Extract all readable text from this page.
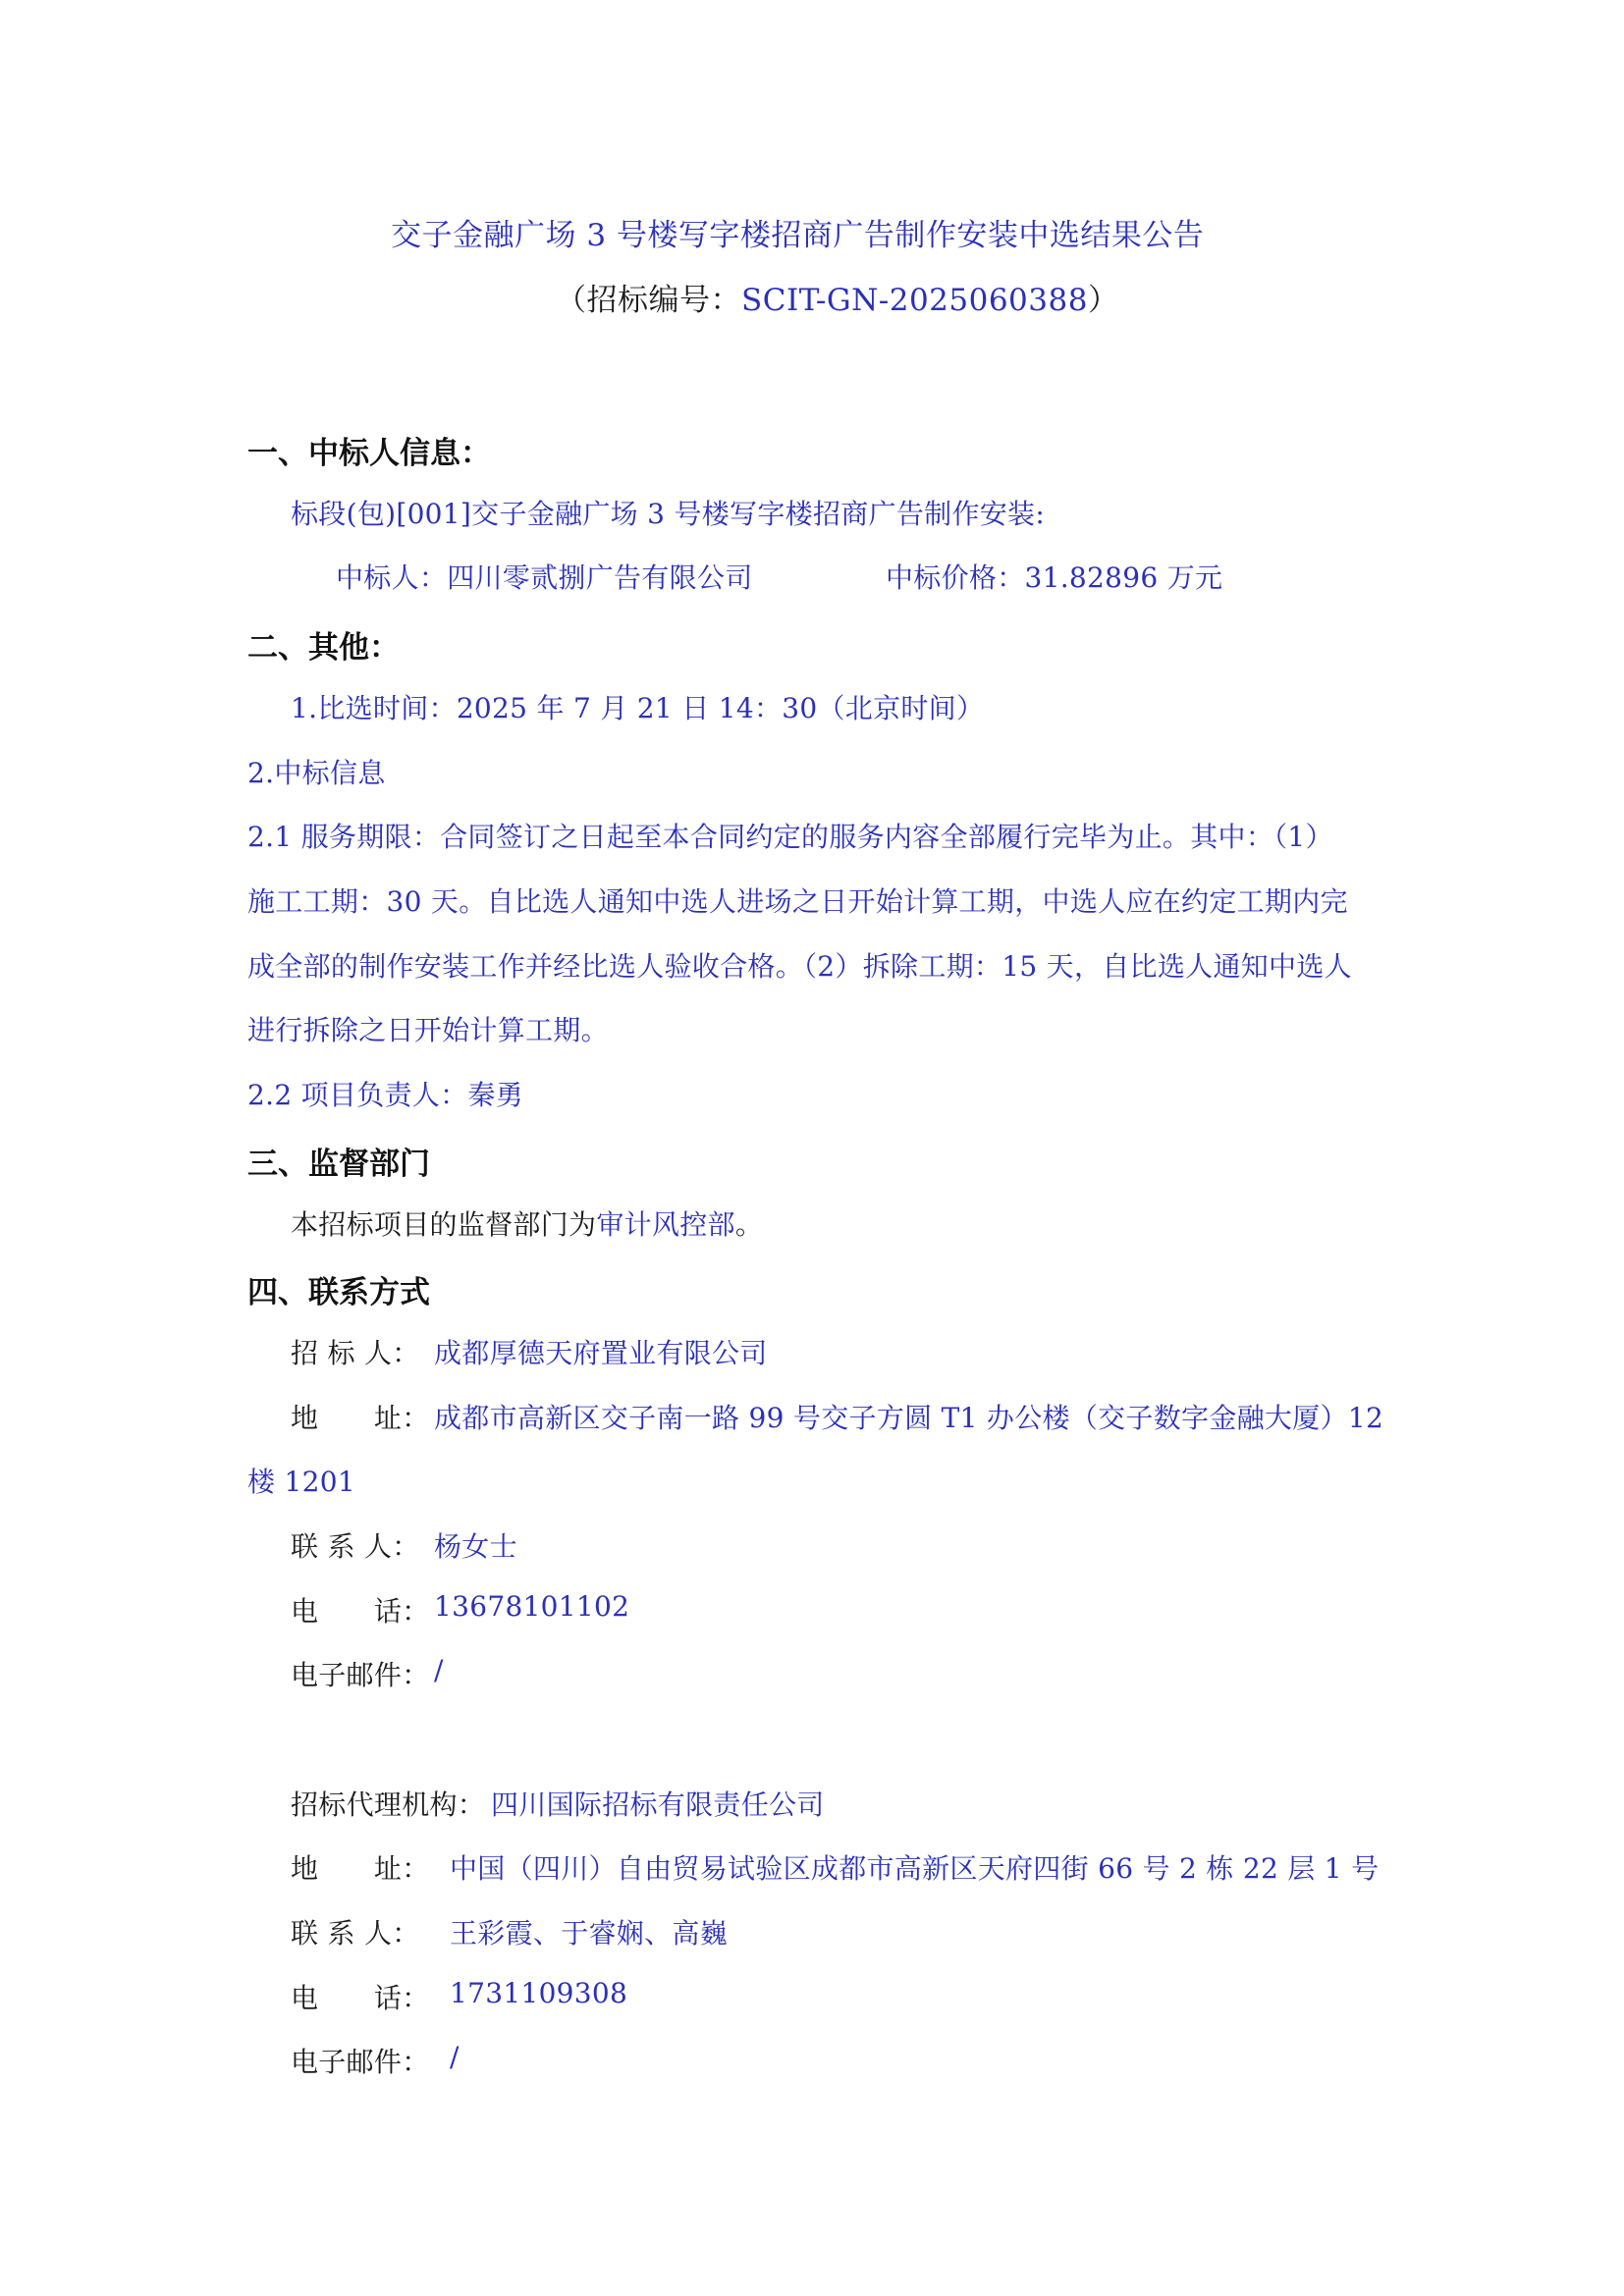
交子金融广场 3 号楼写字楼招商广告制作安装中选结果公告
（招标编号：SCIT-GN-2025060388）
一、中标人信息：
标段(包)[001]交子金融广场 3 号楼写字楼招商广告制作安装:
中标人：四川零贰捌广告有限公司	中标价格：31.82896 万元
二、其他：
1.比选时间：2025 年 7 月 21 日 14：30（北京时间）
2.中标信息
2.1 服务期限：合同签订之日起至本合同约定的服务内容全部履行完毕为止。其中：（1）
施工工期：30 天。自比选人通知中选人进场之日开始计算工期，中选人应在约定工期内完
成全部的制作安装工作并经比选人验收合格。（2）拆除工期：15 天，自比选人通知中选人
进行拆除之日开始计算工期。
2.2 项目负责人：秦勇
三、监督部门
本招标项目的监督部门为审计风控部。
四、联系方式
招 标 人： 成都厚德天府置业有限公司
地　　址： 成都市高新区交子南一路 99 号交子方圆 T1 办公楼（交子数字金融大厦）12
楼 1201
联 系 人： 杨女士
电　　话： 13678101102
电子邮件： /
招标代理机构： 四川国际招标有限责任公司
地　　址： 中国（四川）自由贸易试验区成都市高新区天府四街 66 号 2 栋 22 层 1 号
联 系 人： 王彩霞、于睿娴、高巍
电　　话： 1731109308
电子邮件： /
